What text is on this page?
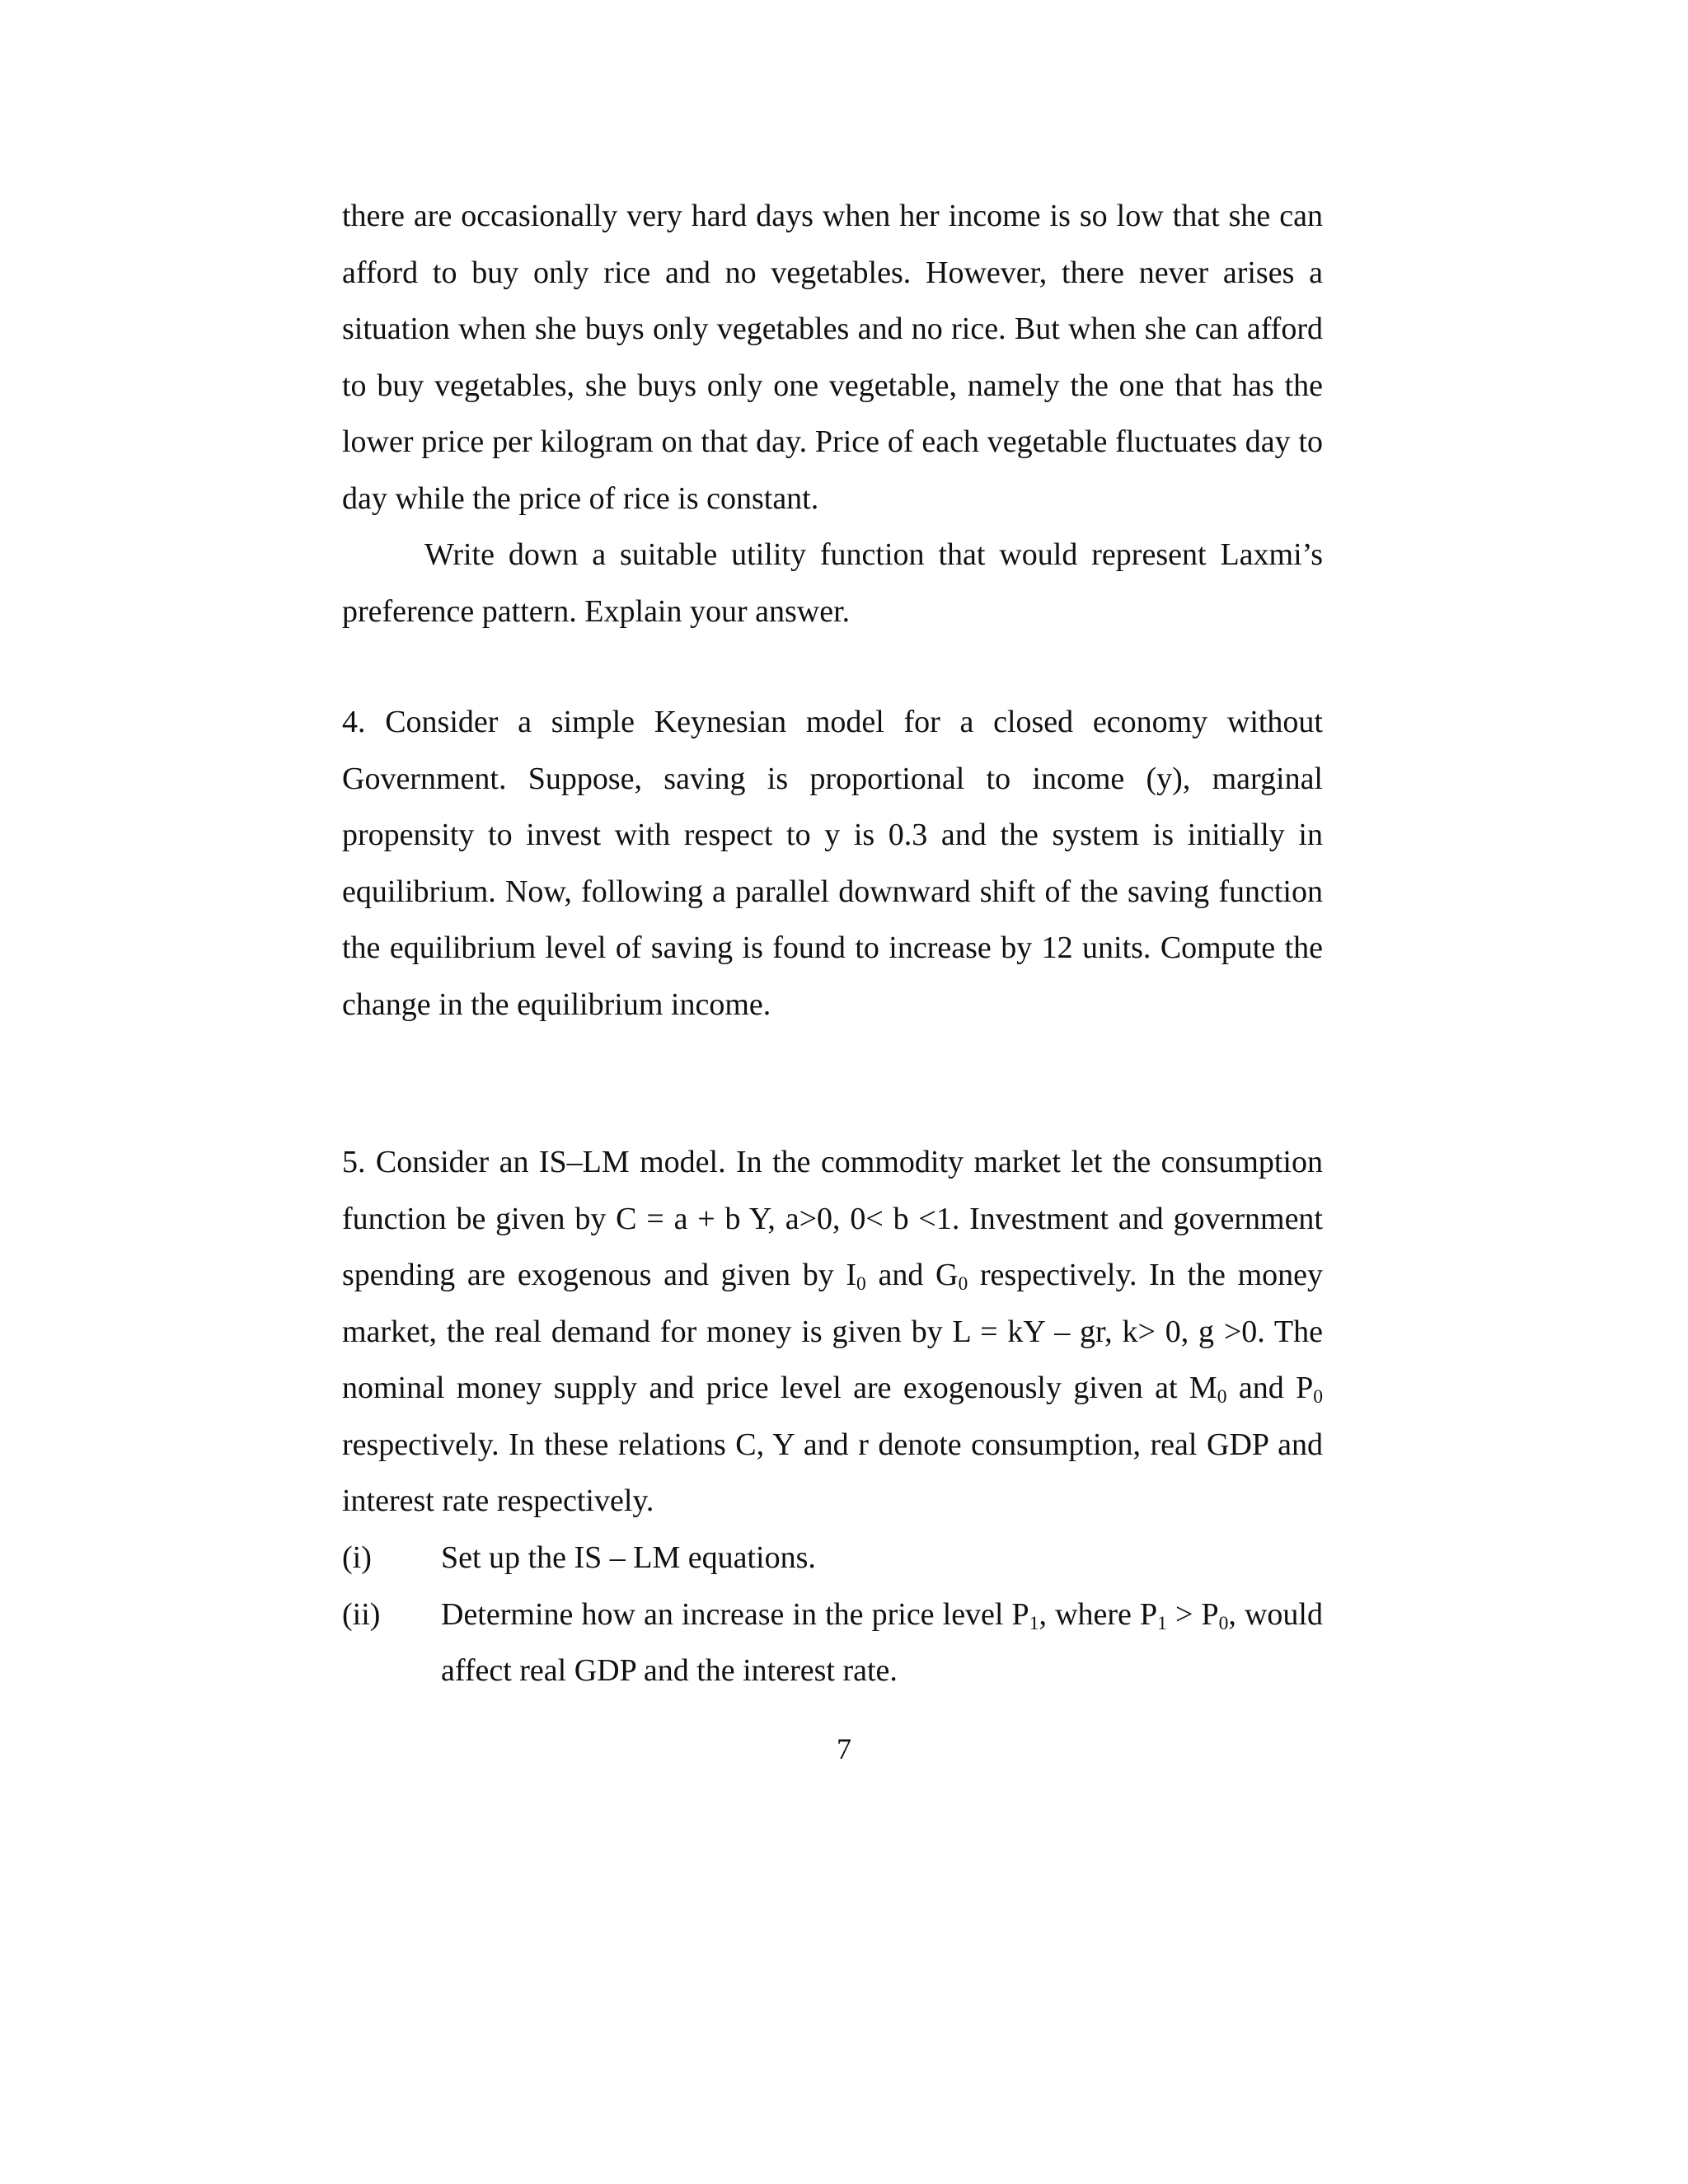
there are occasionally very hard days when her income is so low that she can afford to buy only rice and no vegetables. However, there never arises a situation when she buys only vegetables and no rice. But when she can afford to buy vegetables, she buys only one vegetable, namely the one that has the lower price per kilogram on that day. Price of each vegetable fluctuates day to day while the price of rice is constant.

Write down a suitable utility function that would represent Laxmi’s preference pattern. Explain your answer.

4. Consider a simple Keynesian model for a closed economy without Government. Suppose, saving is proportional to income (y), marginal propensity to invest with respect to y is 0.3 and the system is initially in equilibrium. Now, following a parallel downward shift of the saving function the equilibrium level of saving is found to increase by 12 units. Compute the change in the equilibrium income.

5. Consider an IS–LM model. In the commodity market let the consumption function be given by C = a + b Y, a>0, 0< b <1. Investment and government spending are exogenous and given by $I_0$ and $G_0$ respectively. In the money market, the real demand for money is given by L = kY – gr, k> 0, g >0. The nominal money supply and price level are exogenously given at $M_0$ and $P_0$ respectively. In these relations C, Y and r denote consumption, real GDP and interest rate respectively.

(i) Set up the IS – LM equations.

(ii) Determine how an increase in the price level $P_1$, where $P_1 > P_0$, would affect real GDP and the interest rate.

7
